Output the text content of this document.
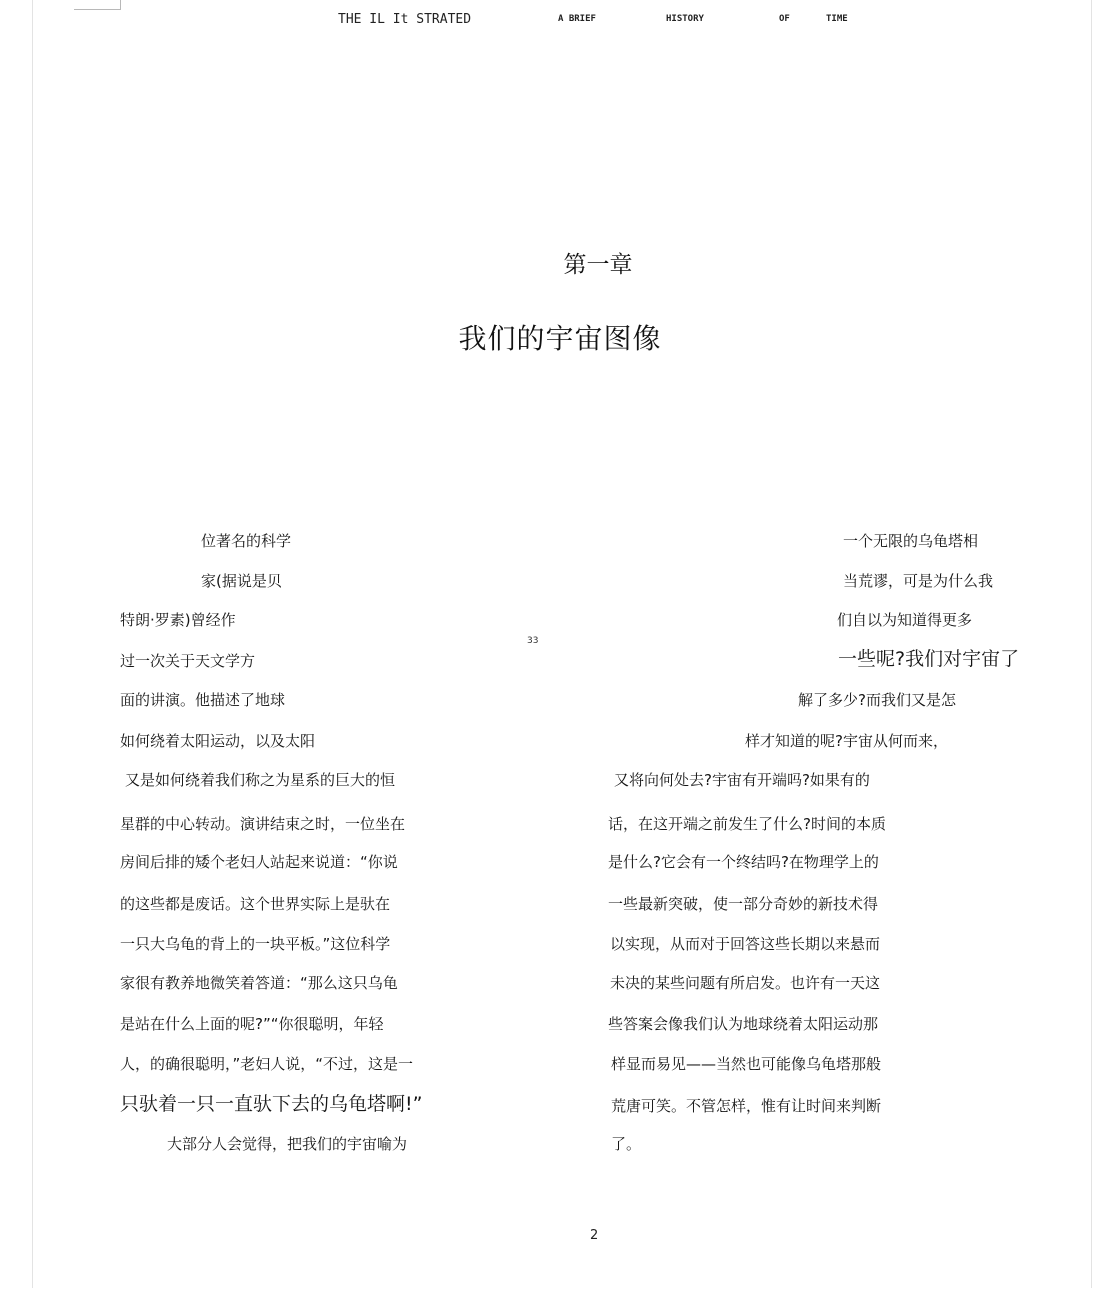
THE IL It STRATED	A BRIEF	HISTORY	OF	TIME
第一章
我们的宇宙图像
位著名的科学
家(据说是贝
特朗·罗素)曾经作
过一次关于天文学方
面的讲演。他描述了地球
如何绕着太阳运动，以及太阳
又是如何绕着我们称之为星系的巨大的恒
星群的中心转动。演讲结束之时，一位坐在
房间后排的矮个老妇人站起来说道：“你说
的这些都是废话。这个世界实际上是驮在
一只大乌龟的背上的一块平板。”这位科学
家很有教养地微笑着答道：“那么这只乌龟
是站在什么上面的呢?”“你很聪明，年轻
人，的确很聪明，”老妇人说，“不过，这是一
只驮着一只一直驮下去的乌龟塔啊!”
大部分人会觉得，把我们的宇宙喻为
33
一个无限的乌龟塔相
当荒谬，可是为什么我
们自以为知道得更多
一些呢?我们对宇宙了
解了多少?而我们又是怎
样才知道的呢?宇宙从何而来，
又将向何处去?宇宙有开端吗?如果有的
话，在这开端之前发生了什么?时间的本质
是什么?它会有一个终结吗?在物理学上的
一些最新突破，使一部分奇妙的新技术得
以实现，从而对于回答这些长期以来悬而
未决的某些问题有所启发。也许有一天这
些答案会像我们认为地球绕着太阳运动那
样显而易见——当然也可能像乌龟塔那般
荒唐可笑。不管怎样，惟有让时间来判断
了。
2
